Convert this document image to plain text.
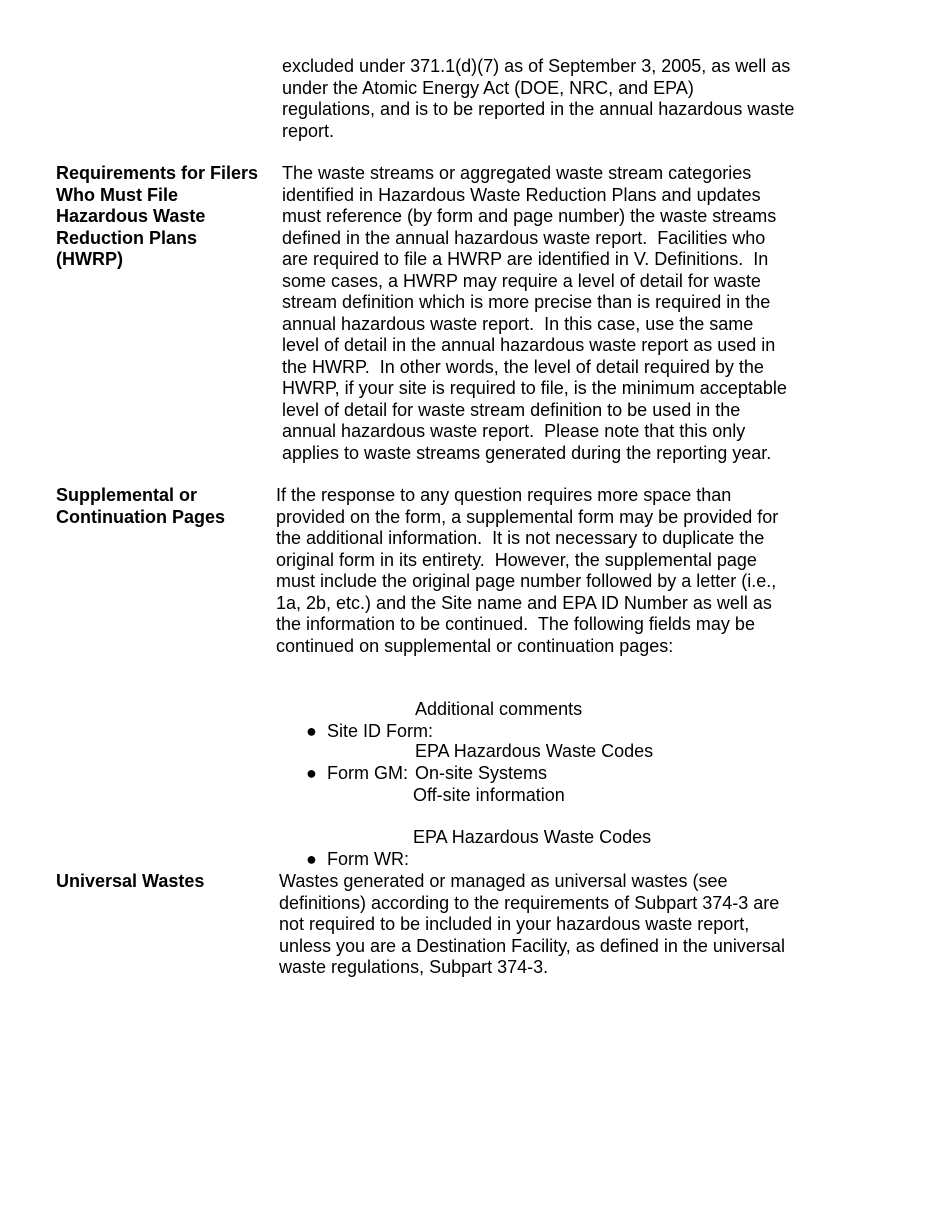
excluded under 371.1(d)(7) as of September 3, 2005, as well as
under the Atomic Energy Act (DOE, NRC, and EPA)
regulations, and is to be reported in the annual hazardous waste
report.
Requirements for Filers
Who Must File
Hazardous Waste
Reduction Plans
(HWRP)
The waste streams or aggregated waste stream categories
identified in Hazardous Waste Reduction Plans and updates
must reference (by form and page number) the waste streams
defined in the annual hazardous waste report.  Facilities who
are required to file a HWRP are identified in V. Definitions.  In
some cases, a HWRP may require a level of detail for waste
stream definition which is more precise than is required in the
annual hazardous waste report.  In this case, use the same
level of detail in the annual hazardous waste report as used in
the HWRP.  In other words, the level of detail required by the
HWRP, if your site is required to file, is the minimum acceptable
level of detail for waste stream definition to be used in the
annual hazardous waste report.  Please note that this only
applies to waste streams generated during the reporting year.
Supplemental or
Continuation Pages
If the response to any question requires more space than
provided on the form, a supplemental form may be provided for
the additional information.  It is not necessary to duplicate the
original form in its entirety.  However, the supplemental page
must include the original page number followed by a letter (i.e.,
1a, 2b, etc.) and the Site name and EPA ID Number as well as
the information to be continued.  The following fields may be
continued on supplemental or continuation pages:

● Site ID Form:

Additional comments

● Form GM:

EPA Hazardous Waste Codes
On-site Systems
Off-site information

● Form WR:

EPA Hazardous Waste Codes
Universal Wastes	Wastes generated or managed as universal wastes (see
definitions) according to the requirements of Subpart 374-3 are
not required to be included in your hazardous waste report,
unless you are a Destination Facility, as defined in the universal
waste regulations, Subpart 374-3.
